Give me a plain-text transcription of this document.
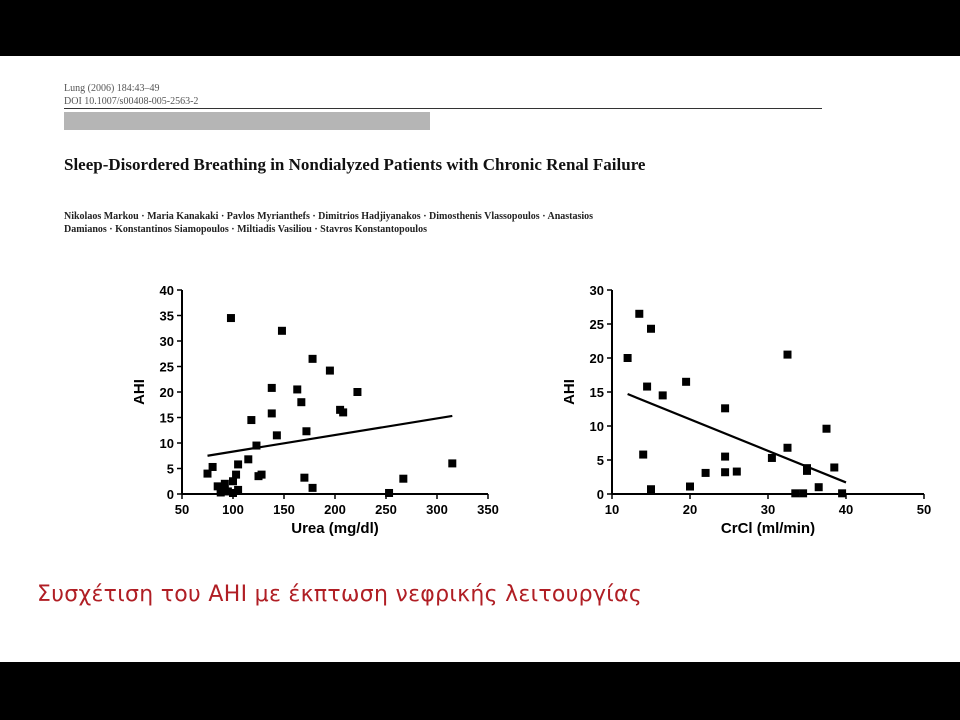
Lung (2006) 184:43–49
DOI 10.1007/s00408-005-2563-2
Sleep-Disordered Breathing in Nondialyzed Patients with Chronic Renal Failure
Nikolaos Markou · Maria Kanakaki · Pavlos Myrianthefs · Dimitrios Hadjiyanakos · Dimosthenis Vlassopoulos · Anastasios Damianos · Konstantinos Siamopoulos · Miltiadis Vasiliou · Stavros Konstantopoulos
0
5
10
15
20
25
30
35
40
50	100 150 200 250 300 350
Urea (mg/dl)
AHI
0
5
10
15
20
25
30
10	20	30	40	50
CrCl (ml/min)
AHI
Συσχέτιση του AHI με έκπτωση νεφρικής λειτουργίας
